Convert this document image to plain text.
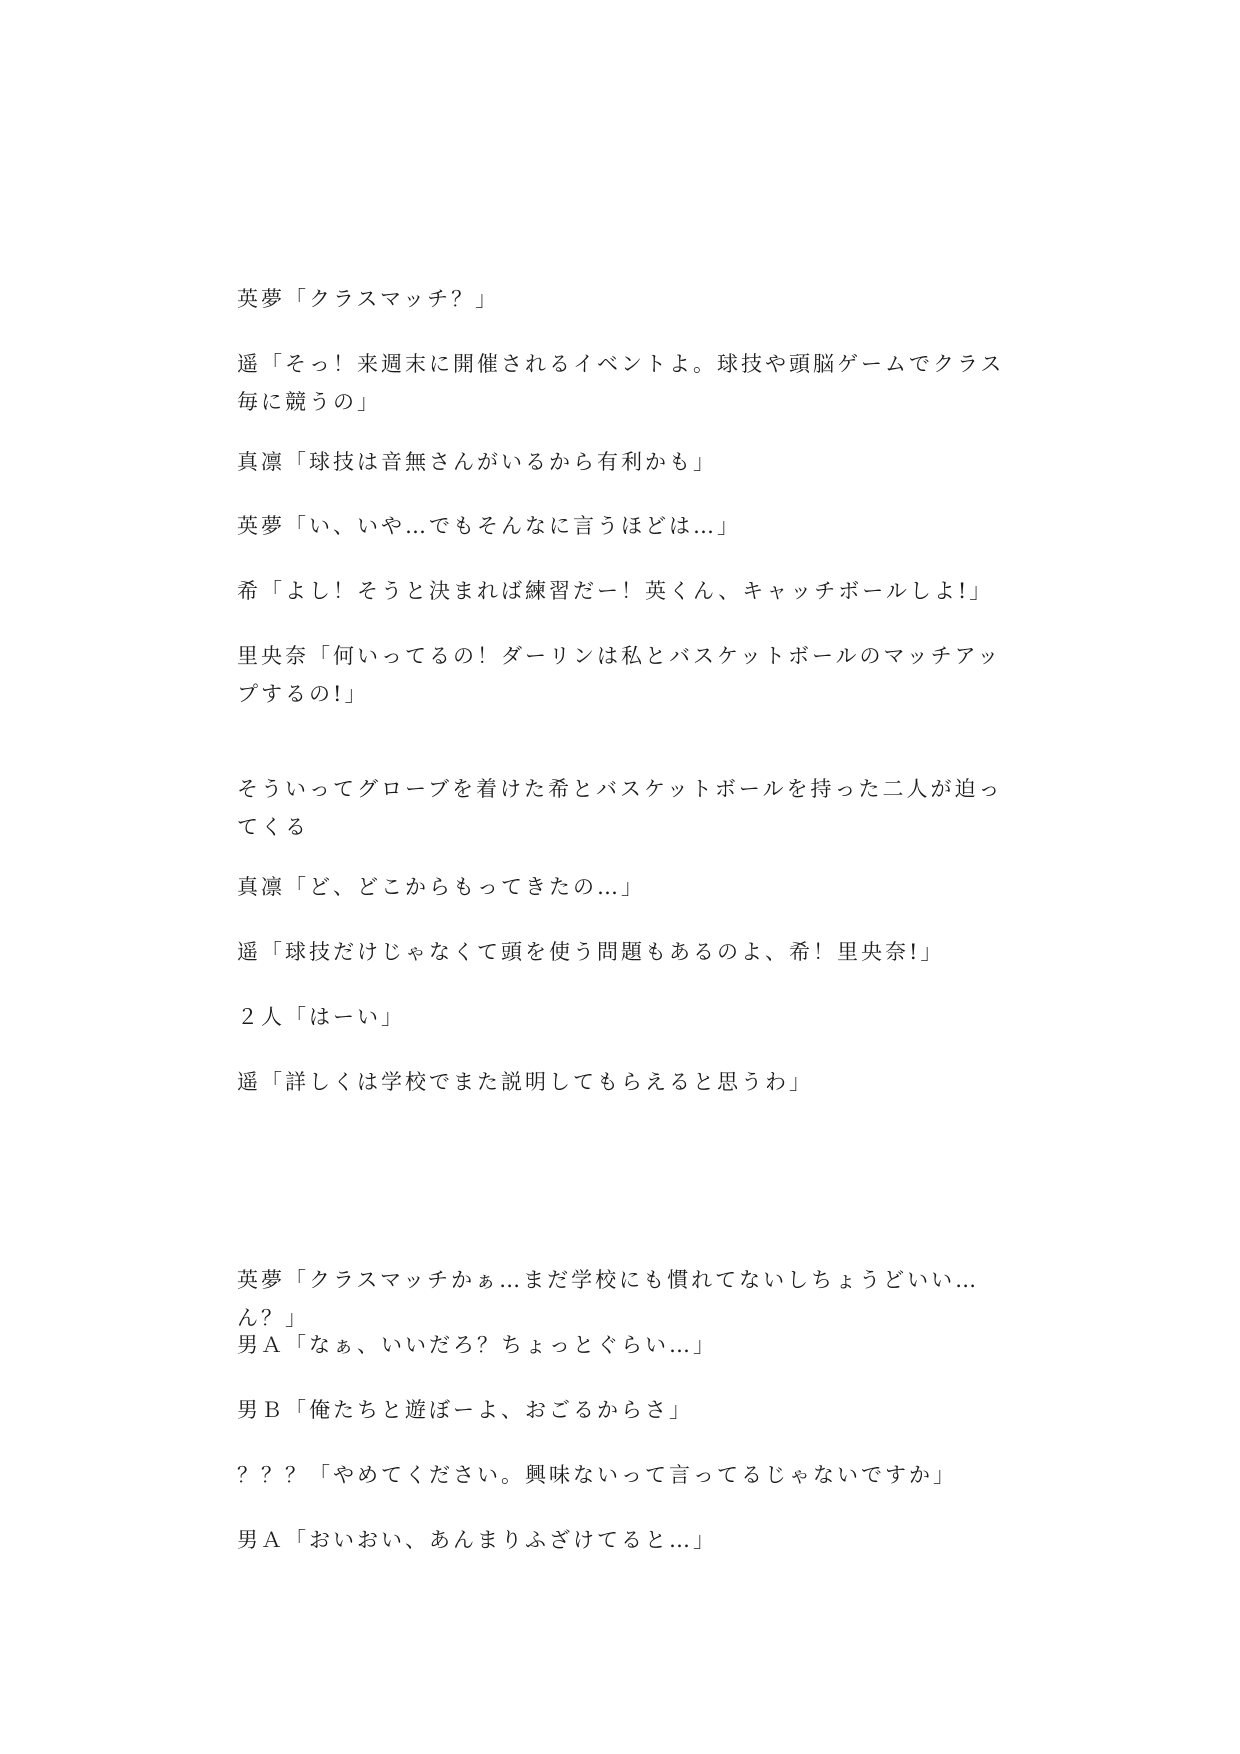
英夢「クラスマッチ？」
遥「そっ！来週末に開催されるイベントよ。球技や頭脳ゲームでクラス毎に競うの」
真凛「球技は音無さんがいるから有利かも」
英夢「い、いや…でもそんなに言うほどは…」
希「よし！そうと決まれば練習だー！英くん、キャッチボールしよ!」
里央奈「何いってるの！ダーリンは私とバスケットボールのマッチアップするの!」
そういってグローブを着けた希とバスケットボールを持った二人が迫ってくる
真凛「ど、どこからもってきたの…」
遥「球技だけじゃなくて頭を使う問題もあるのよ、希！里央奈!」
２人「はーい」
遥「詳しくは学校でまた説明してもらえると思うわ」
英夢「クラスマッチかぁ…まだ学校にも慣れてないしちょうどいい…ん？」
男Ａ「なぁ、いいだろ？ちょっとぐらい…」
男Ｂ「俺たちと遊ぼーよ、おごるからさ」
？？？「やめてください。興味ないって言ってるじゃないですか」
男Ａ「おいおい、あんまりふざけてると…」
